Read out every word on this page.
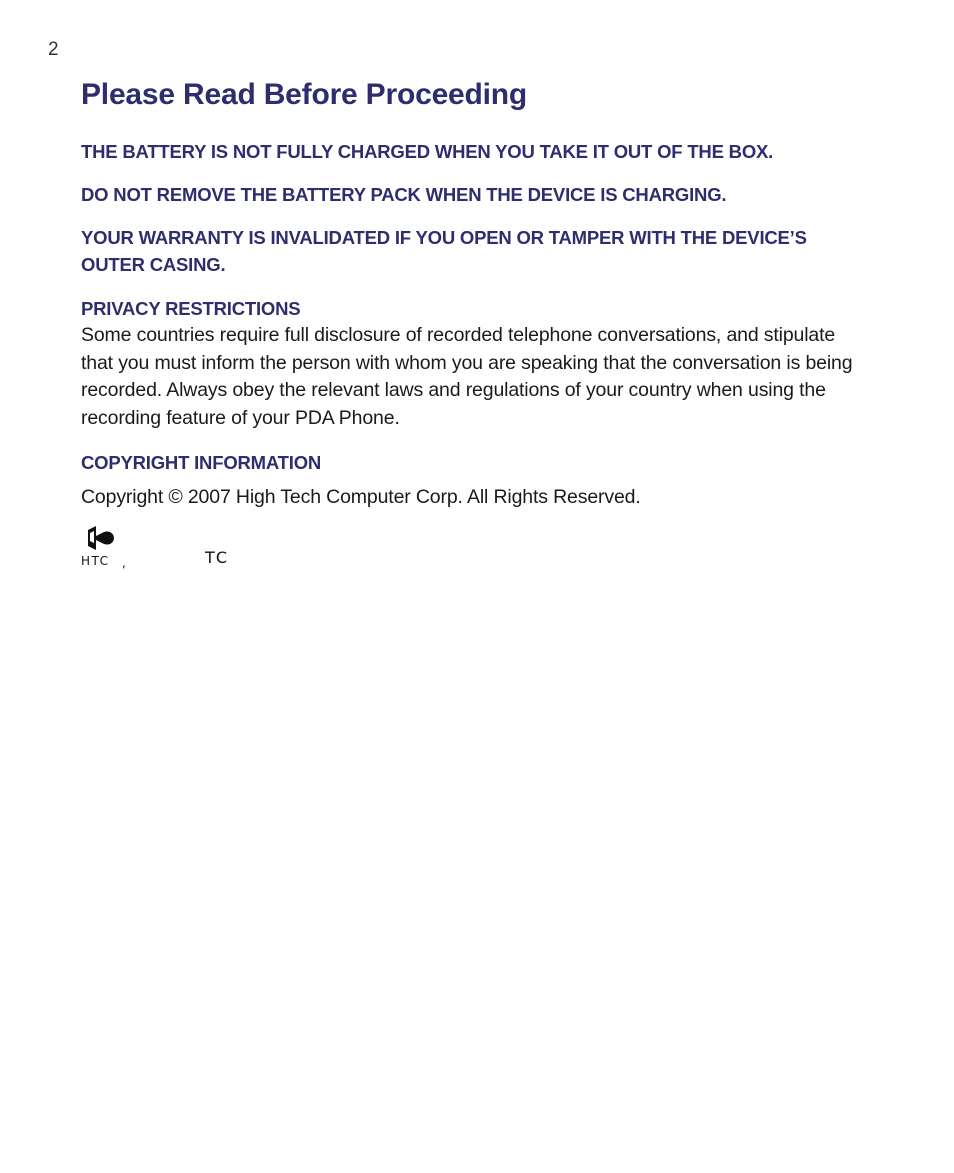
2
Please Read Before Proceeding

THE BATTERY IS NOT FULLY CHARGED WHEN YOU TAKE IT OUT OF THE BOX.

DO NOT REMOVE THE BATTERY PACK WHEN THE DEVICE IS CHARGING.

YOUR WARRANTY IS INVALIDATED IF YOU OPEN OR TAMPER WITH THE DEVICE’S OUTER CASING.

PRIVACY RESTRICTIONS

Some countries require full disclosure of recorded telephone conversations, and stipulate that you must inform the person with whom you are speaking that the conversation is being recorded. Always obey the relevant laws and regulations of your country when using the recording feature of your PDA Phone.

COPYRIGHT INFORMATION

Copyright © 2007 High Tech Computer Corp. All Rights Reserved.

HTC ,	TC
